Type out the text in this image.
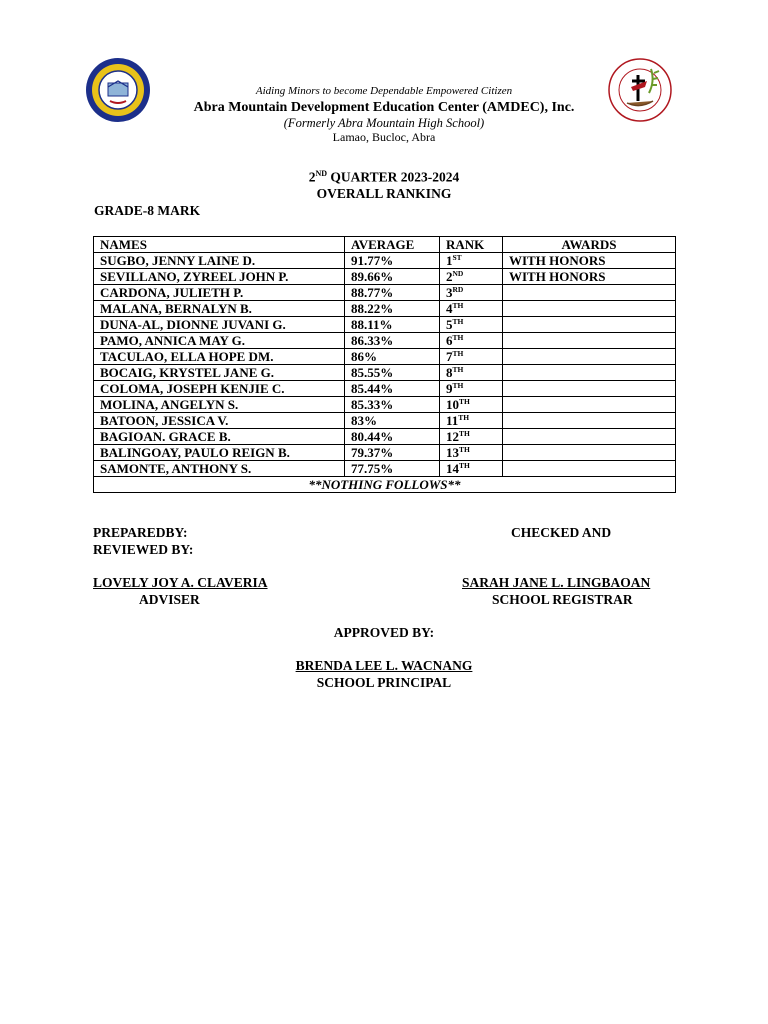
Aiding Minors to become Dependable Empowered Citizen
Abra Mountain Development Education Center (AMDEC), Inc.
(Formerly Abra Mountain High School)
Lamao, Bucloc, Abra
2ND QUARTER 2023-2024
OVERALL RANKING
GRADE-8 MARK
NAMES	AVERAGE	RANK	AWARDS
SUGBO, JENNY LAINE D.	91.77%	1ST	WITH HONORS
SEVILLANO, ZYREEL JOHN P.	89.66%	2ND	WITH HONORS
CARDONA, JULIETH P.	88.77%	3RD	
MALANA, BERNALYN B.	88.22%	4TH	
DUNA-AL, DIONNE JUVANI G.	88.11%	5TH	
PAMO, ANNICA MAY G.	86.33%	6TH	
TACULAO, ELLA HOPE DM.	86%	7TH	
BOCAIG, KRYSTEL JANE G.	85.55%	8TH	
COLOMA, JOSEPH KENJIE C.	85.44%	9TH	
MOLINA, ANGELYN S.	85.33%	10TH	
BATOON, JESSICA V.	83%	11TH	
BAGIOAN. GRACE B.	80.44%	12TH	
BALINGOAY, PAULO REIGN B.	79.37%	13TH	
SAMONTE, ANTHONY S.	77.75%	14TH	
**NOTHING FOLLOWS**			
PREPAREDBY:	CHECKED AND
REVIEWED BY:
LOVELY JOY A. CLAVERIA
ADVISER
SARAH JANE L. LINGBAOAN
SCHOOL REGISTRAR
APPROVED BY:
BRENDA LEE L. WACNANG
SCHOOL PRINCIPAL
